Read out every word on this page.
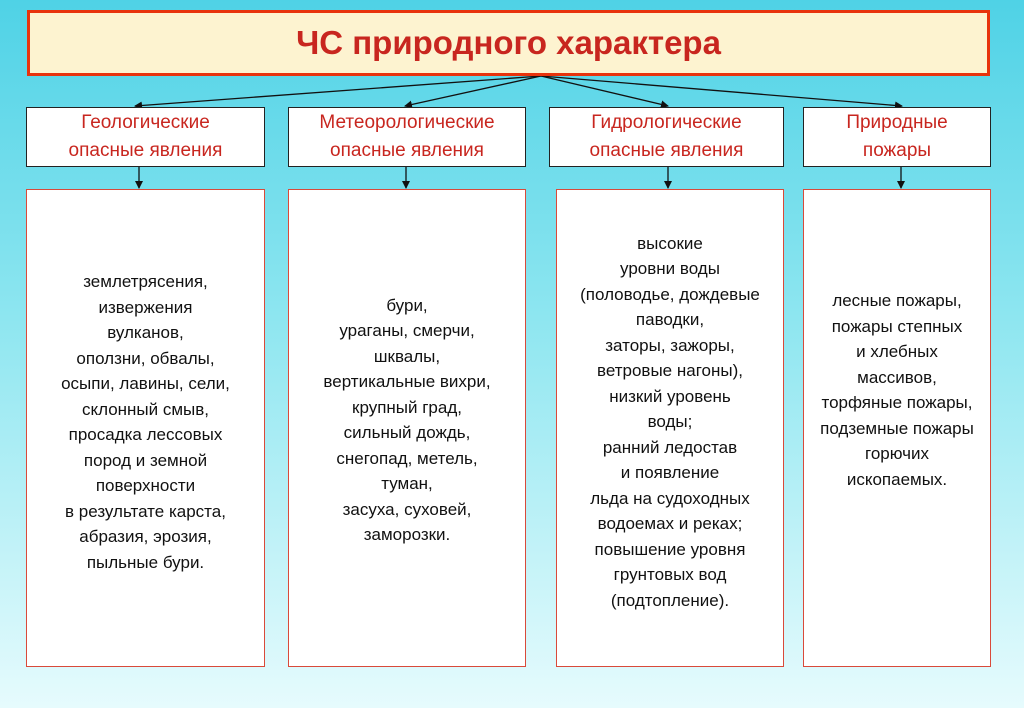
ЧС природного характера
Геологические
опасные явления
Метеорологические
опасные явления
Гидрологические
опасные явления
Природные
пожары
землетрясения,
извержения
вулканов,
оползни, обвалы,
осыпи, лавины, сели,
склонный смыв,
просадка лессовых
пород и земной
поверхности
в результате карста,
абразия, эрозия,
пыльные бури.
бури,
ураганы, смерчи,
шквалы,
вертикальные вихри,
крупный град,
сильный дождь,
снегопад, метель,
туман,
засуха, суховей,
заморозки.
высокие
уровни воды
(половодье, дождевые
паводки,
заторы, зажоры,
ветровые нагоны),
низкий уровень
воды;
ранний ледостав
и появление
льда на судоходных
водоемах и реках;
повышение уровня
грунтовых вод
(подтопление).
лесные пожары,
пожары степных
и хлебных
массивов,
торфяные пожары,
подземные пожары
горючих
ископаемых.
